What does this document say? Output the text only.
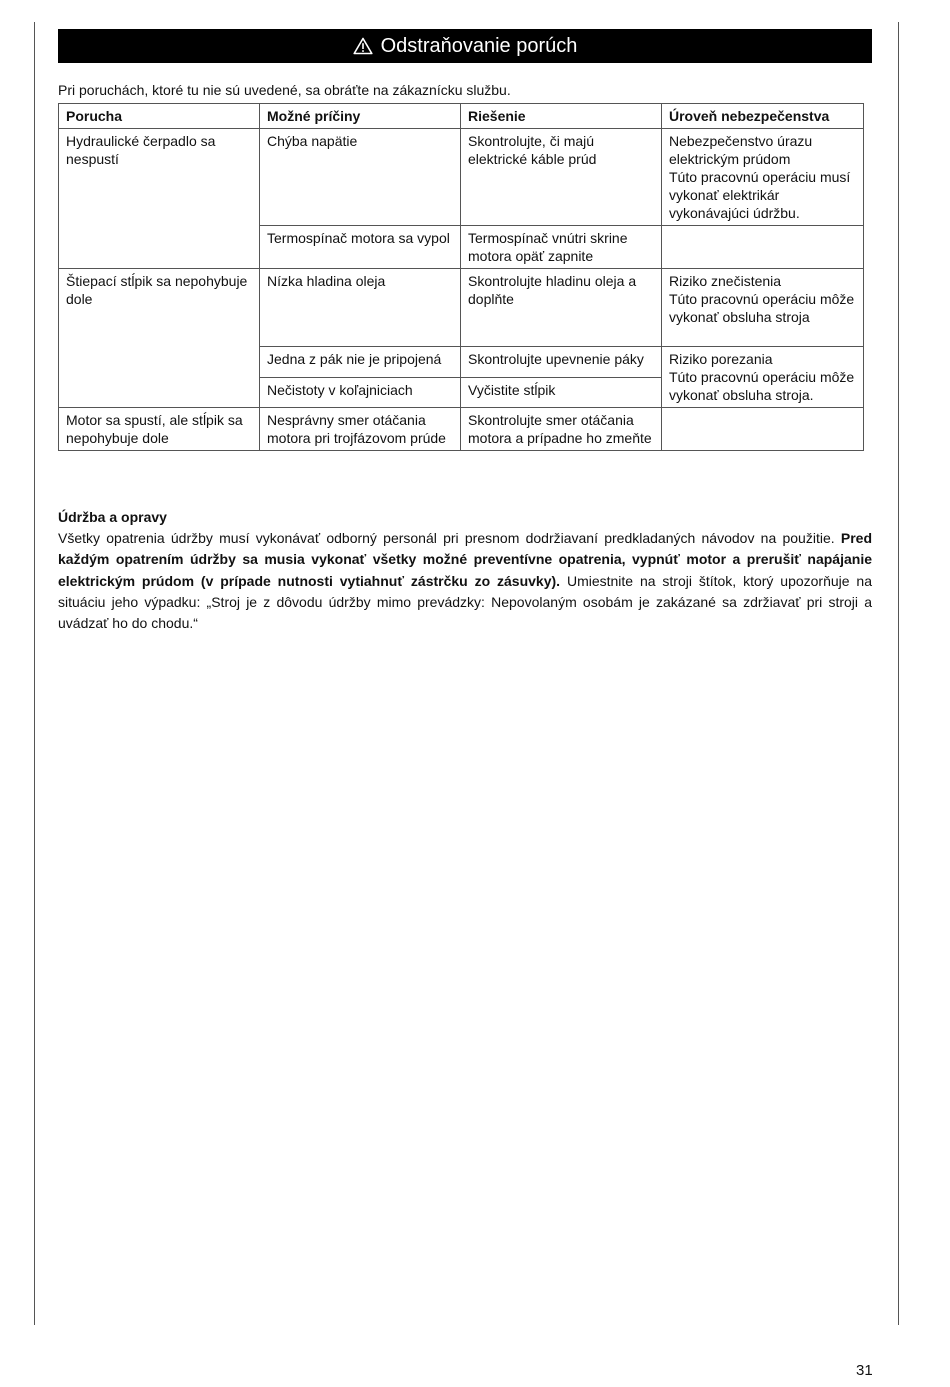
Odstraňovanie porúch
Pri poruchách, ktoré tu nie sú uvedené, sa obráťte na zákaznícku službu.
Porucha	Možné príčiny	Riešenie	Úroveň nebezpečenstva
Hydraulické čerpadlo sa nespustí	Chýba napätie	Skontrolujte, či majú elektrické káble prúd	Nebezpečenstvo úrazu elektrickým prúdom
Túto pracovnú operáciu musí vykonať elektrikár vykonávajúci údržbu.

	Termospínač motora sa vypol	Termospínač vnútri skrine motora opäť zapnite	
Štiepací stĺpik sa nepohybuje dole	Nízka hladina oleja	Skontrolujte hladinu oleja a doplňte	Riziko znečistenia
Túto pracovnú operáciu môže vykonať obsluha stroja

	Jedna z pák nie je pripojená	Skontrolujte upevnenie páky	Riziko porezania
Túto pracovnú operáciu môže vykonať obsluha stroja.

	Nečistoty v koľajniciach	Vyčistite stĺpik	
Motor sa spustí, ale stĺpik sa nepohybuje dole	Nesprávny smer otáčania motora pri trojfázovom prúde	Skontrolujte smer otáčania motora a prípadne ho zmeňte	
Údržba a opravy

Všetky opatrenia údržby musí vykonávať odborný personál pri presnom dodržiavaní predkladaných návodov na použitie. Pred každým opatrením údržby sa musia vykonať všetky možné preventívne opatrenia, vypnúť motor a prerušiť napájanie elektrickým prúdom (v prípade nutnosti vytiahnuť zástrčku zo zásuvky). Umiestnite na stroji štítok, ktorý upozorňuje na situáciu jeho výpadku: „Stroj je z dôvodu údržby mimo prevádzky: Nepovolaným osobám je zakázané sa zdržiavať pri stroji a uvádzať ho do chodu.“

31
